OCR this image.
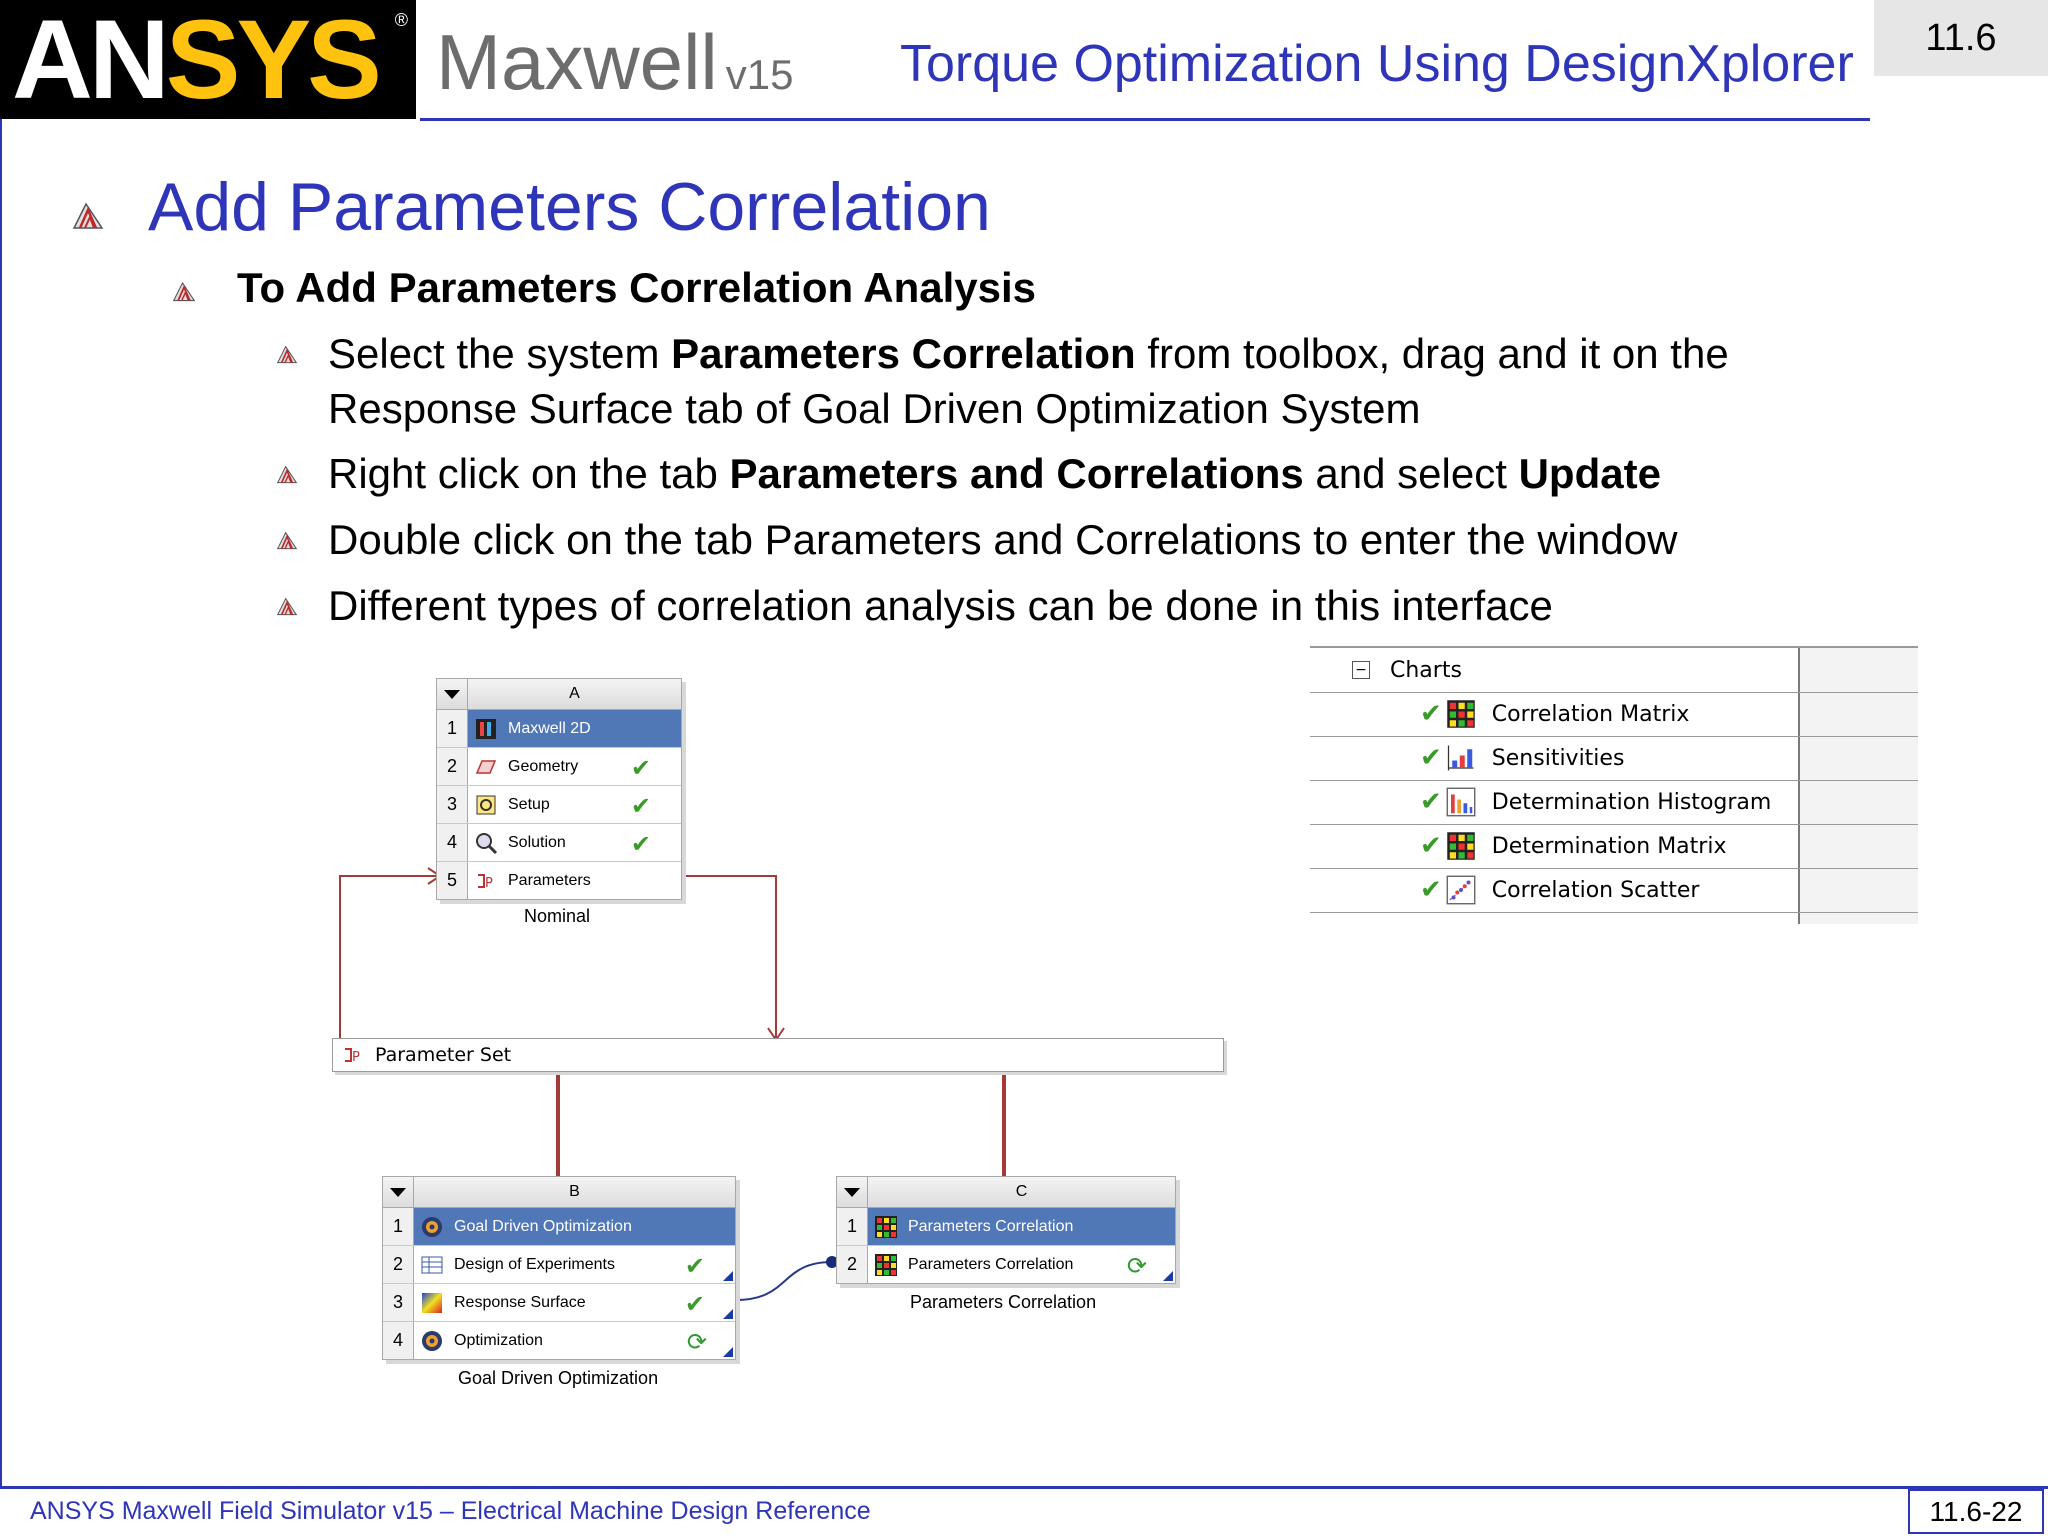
ANSYS ® Maxwell v15 Torque Optimization Using DesignXplorer	11.6
Add Parameters Correlation
To Add Parameters Correlation Analysis
Select the system Parameters Correlation from toolbox, drag and it on the
Response Surface tab of Goal Driven Optimization System
Right click on the tab Parameters and Correlations and select Update
Double click on the tab Parameters and Correlations to enter the window
Different types of correlation analysis can be done in this interface
A
1	Maxwell 2D
2	Geometry ✔
3	Setup	✔
4	Solution	✔
5	P Parameters
Nominal
P Parameter Set
B
1	Goal Driven Optimization
2	Design of Experiments	✔
3	Response Surface	✔
4	Optimization	⟳
Goal Driven Optimization
C
1	Parameters Correlation
2	Parameters Correlation ⟳
Parameters Correlation
− Charts
✔ Correlation Matrix
✔ Sensitivities
✔ Determination Histogram
✔ Determination Matrix
✔ Correlation Scatter
ANSYS Maxwell Field Simulator v15 – Electrical Machine Design Reference	11.6-22
